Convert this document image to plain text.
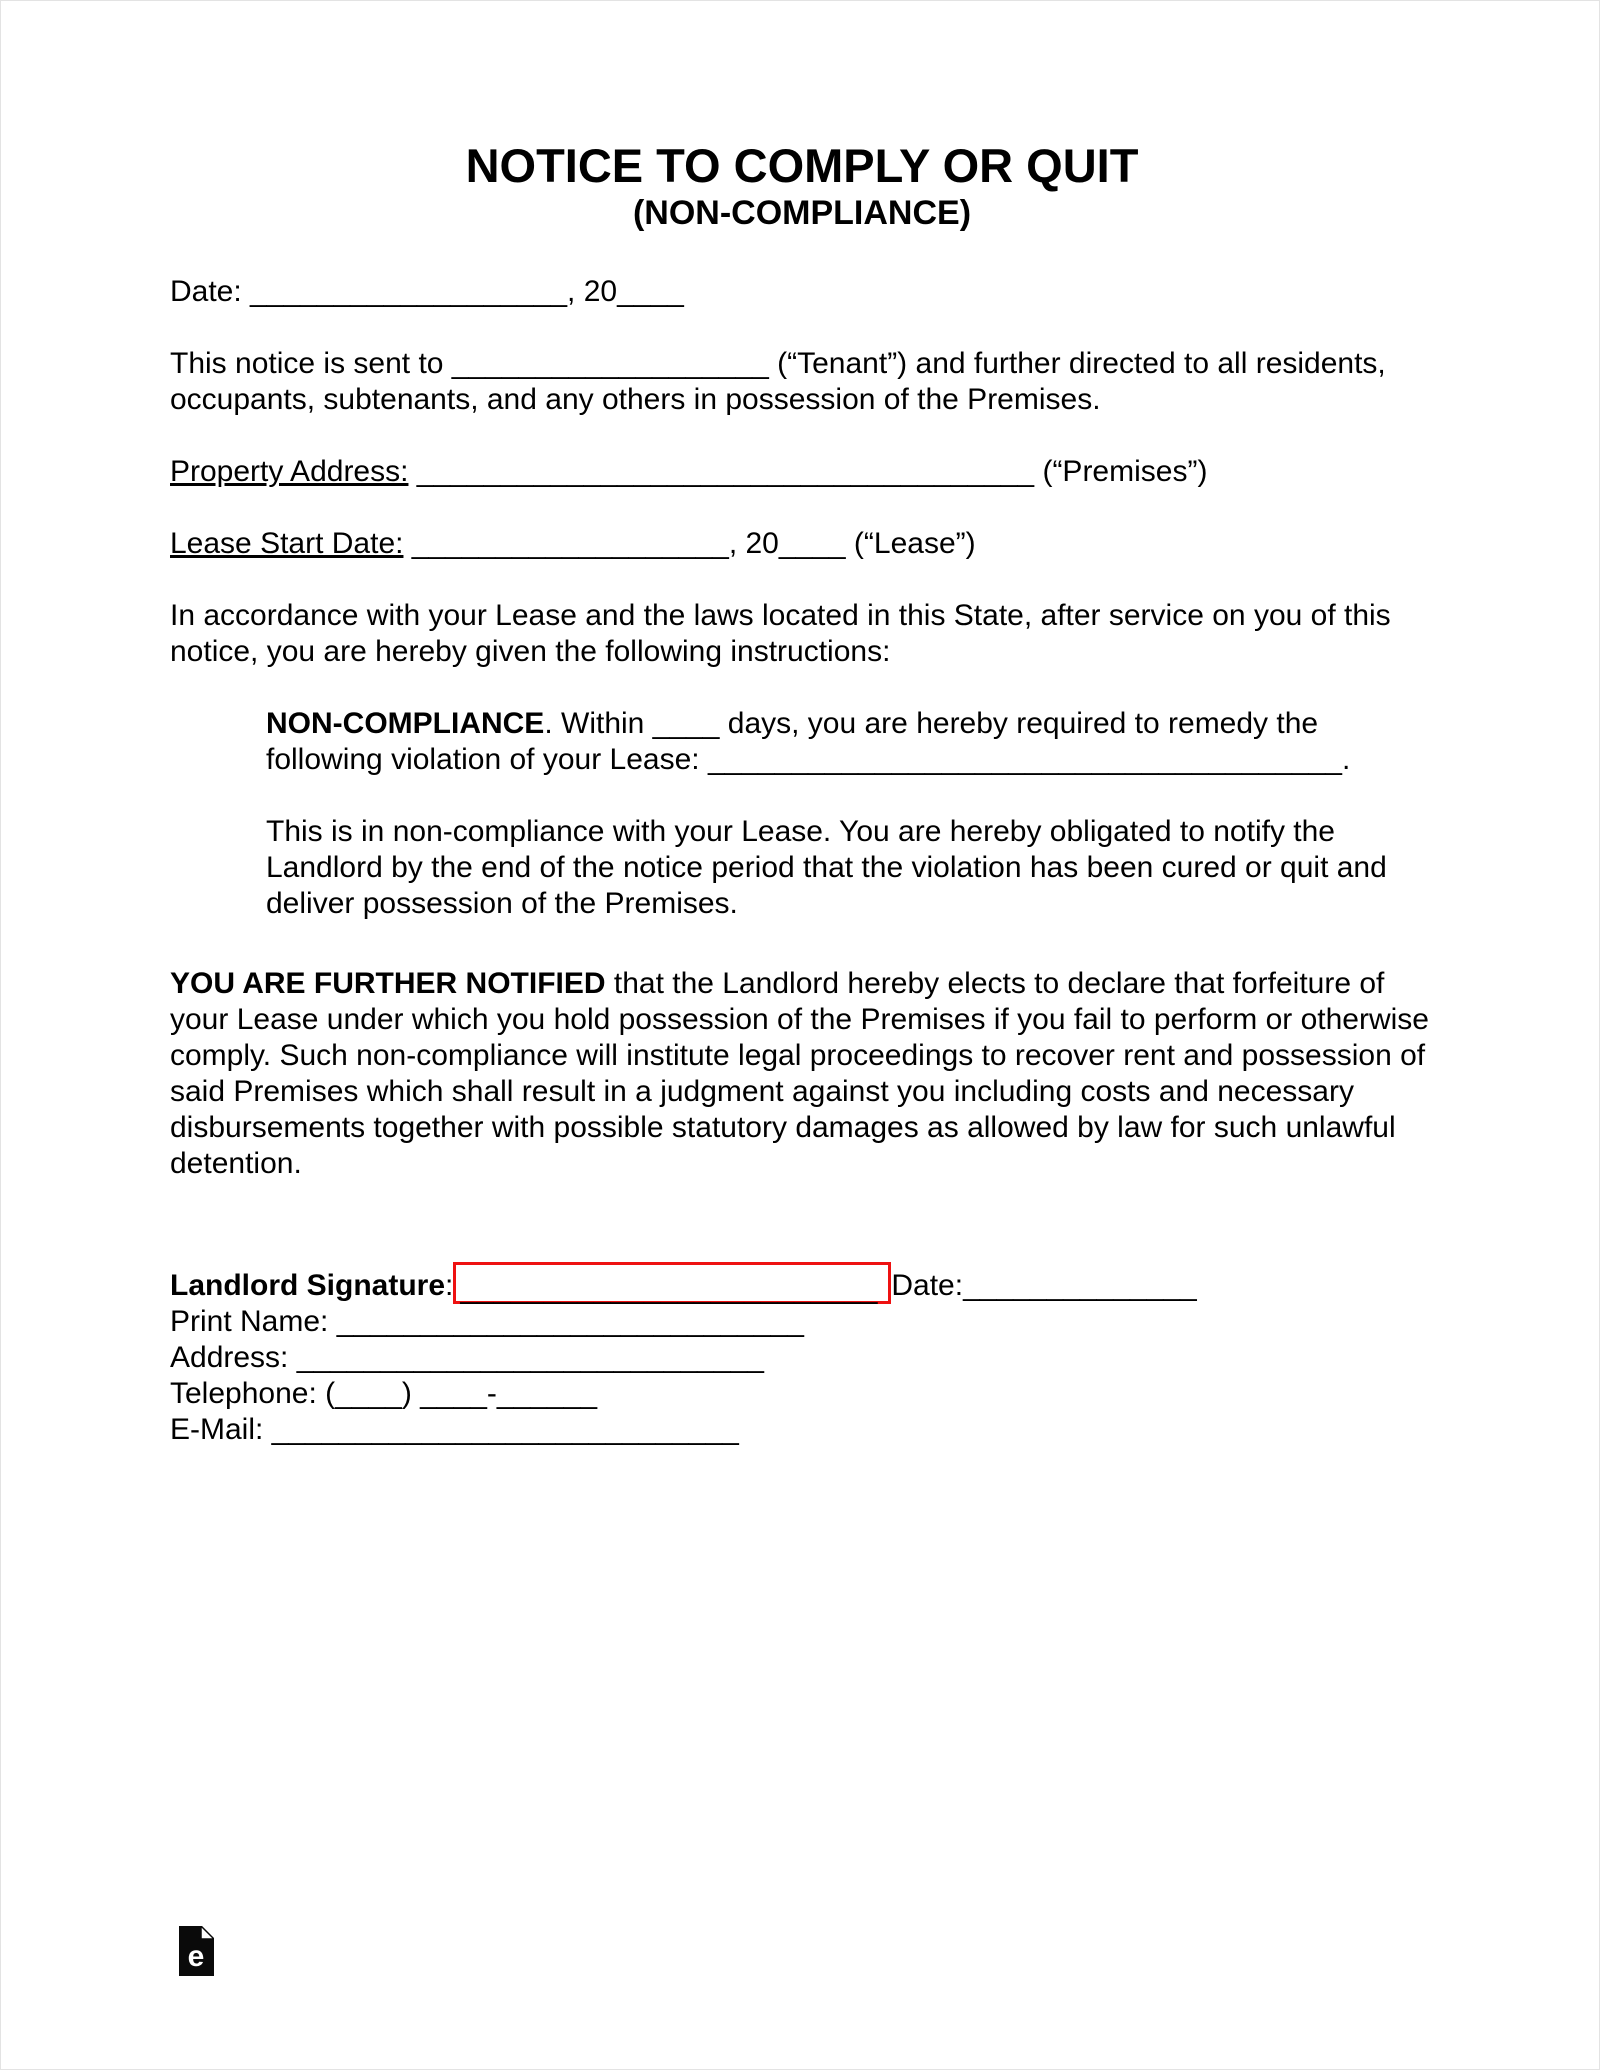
NOTICE TO COMPLY OR QUIT
(NON-COMPLIANCE)

Date: ___________________, 20____

This notice is sent to ___________________ (“Tenant”) and further directed to all residents, occupants, subtenants, and any others in possession of the Premises.

Property Address: _____________________________________ (“Premises”)

Lease Start Date: ___________________, 20____ (“Lease”)

In accordance with your Lease and the laws located in this State, after service on you of this notice, you are hereby given the following instructions:

NON-COMPLIANCE. Within ____ days, you are hereby required to remedy the following violation of your Lease: ______________________________________.

This is in non-compliance with your Lease. You are hereby obligated to notify the Landlord by the end of the notice period that the violation has been cured or quit and deliver possession of the Premises.

YOU ARE FURTHER NOTIFIED that the Landlord hereby elects to declare that forfeiture of your Lease under which you hold possession of the Premises if you fail to perform or otherwise comply. Such non-compliance will institute legal proceedings to recover rent and possession of said Premises which shall result in a judgment against you including costs and necessary disbursements together with possible statutory damages as allowed by law for such unlawful detention.

Landlord Signature : _________________________ Date: ______________
Print Name: ____________________________
Address: ____________________________
Telephone: (____) ____-______
E-Mail: ____________________________
e
